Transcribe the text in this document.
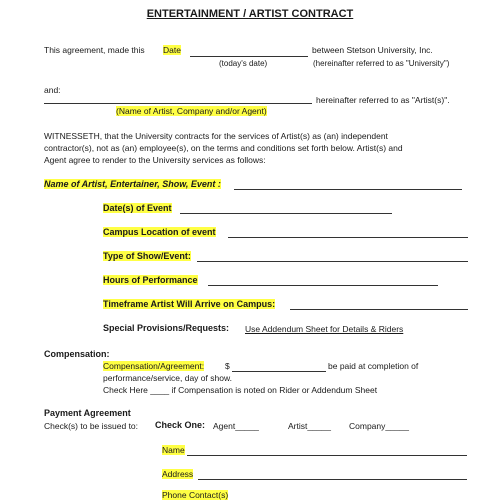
ENTERTAINMENT / ARTIST CONTRACT
This agreement, made this Date	between Stetson University, Inc.
(today's date)	(hereinafter referred to as "University")
and:
hereinafter referred to as "Artist(s)".
(Name of Artist, Company and/or Agent)
WITNESSETH, that the University contracts for the services of Artist(s) as (an) independent
contractor(s), not as (an) employee(s), on the terms and conditions set forth below. Artist(s) and
Agent agree to render to the University services as follows:
Name of Artist, Entertainer, Show, Event :
Date(s) of Event
Campus Location of event
Type of Show/Event:
Hours of Performance
Timeframe Artist Will Arrive on Campus:
Special Provisions/Requests: Use Addendum Sheet for Details & Riders
Compensation:
Compensation/Agreement: $	be paid at completion of
performance/service, day of show.
Check Here ____ if Compensation is noted on Rider or Addendum Sheet
Payment Agreement
Check(s) to be issued to: Check One: Agent_____	Artist_____ Company_____
Name
Address
Phone Contact(s)
